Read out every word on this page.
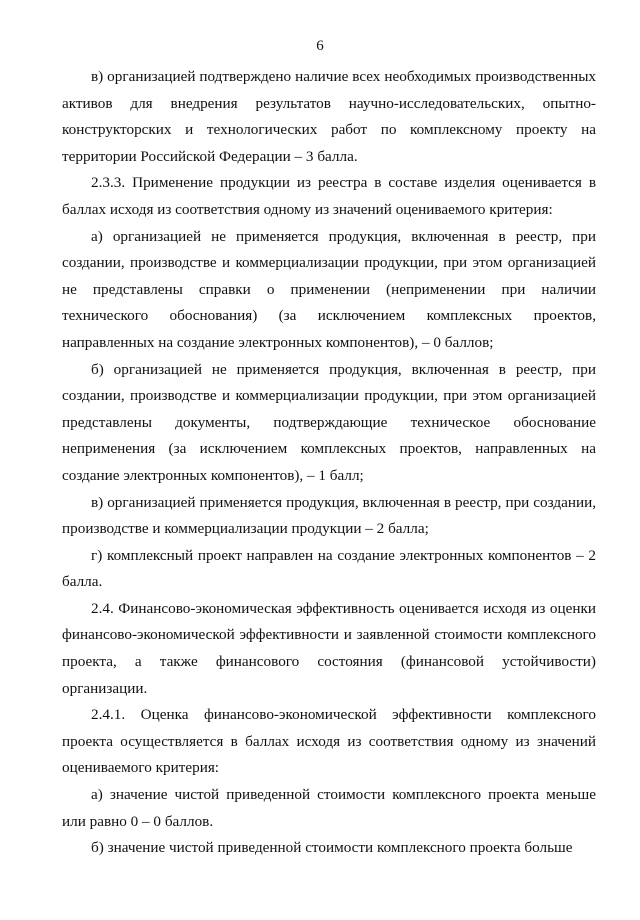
6

в) организацией подтверждено наличие всех необходимых производственных активов для внедрения результатов научно-исследовательских, опытно-конструкторских и технологических работ по комплексному проекту на территории Российской Федерации – 3 балла.

2.3.3. Применение продукции из реестра в составе изделия оценивается в баллах исходя из соответствия одному из значений оцениваемого критерия:

а) организацией не применяется продукция, включенная в реестр, при создании, производстве и коммерциализации продукции, при этом организацией не представлены справки о применении (неприменении при наличии технического обоснования) (за исключением комплексных проектов, направленных на создание электронных компонентов), – 0 баллов;

б) организацией не применяется продукция, включенная в реестр, при создании, производстве и коммерциализации продукции, при этом организацией представлены документы, подтверждающие техническое обоснование неприменения (за исключением комплексных проектов, направленных на создание электронных компонентов), – 1 балл;

в) организацией применяется продукция, включенная в реестр, при создании, производстве и коммерциализации продукции – 2 балла;

г) комплексный проект направлен на создание электронных компонентов – 2 балла.

2.4. Финансово-экономическая эффективность оценивается исходя из оценки финансово-экономической эффективности и заявленной стоимости комплексного проекта, а также финансового состояния (финансовой устойчивости) организации.

2.4.1. Оценка финансово-экономической эффективности комплексного проекта осуществляется в баллах исходя из соответствия одному из значений оцениваемого критерия:

а) значение чистой приведенной стоимости комплексного проекта меньше или равно 0 – 0 баллов.

б) значение чистой приведенной стоимости комплексного проекта больше
